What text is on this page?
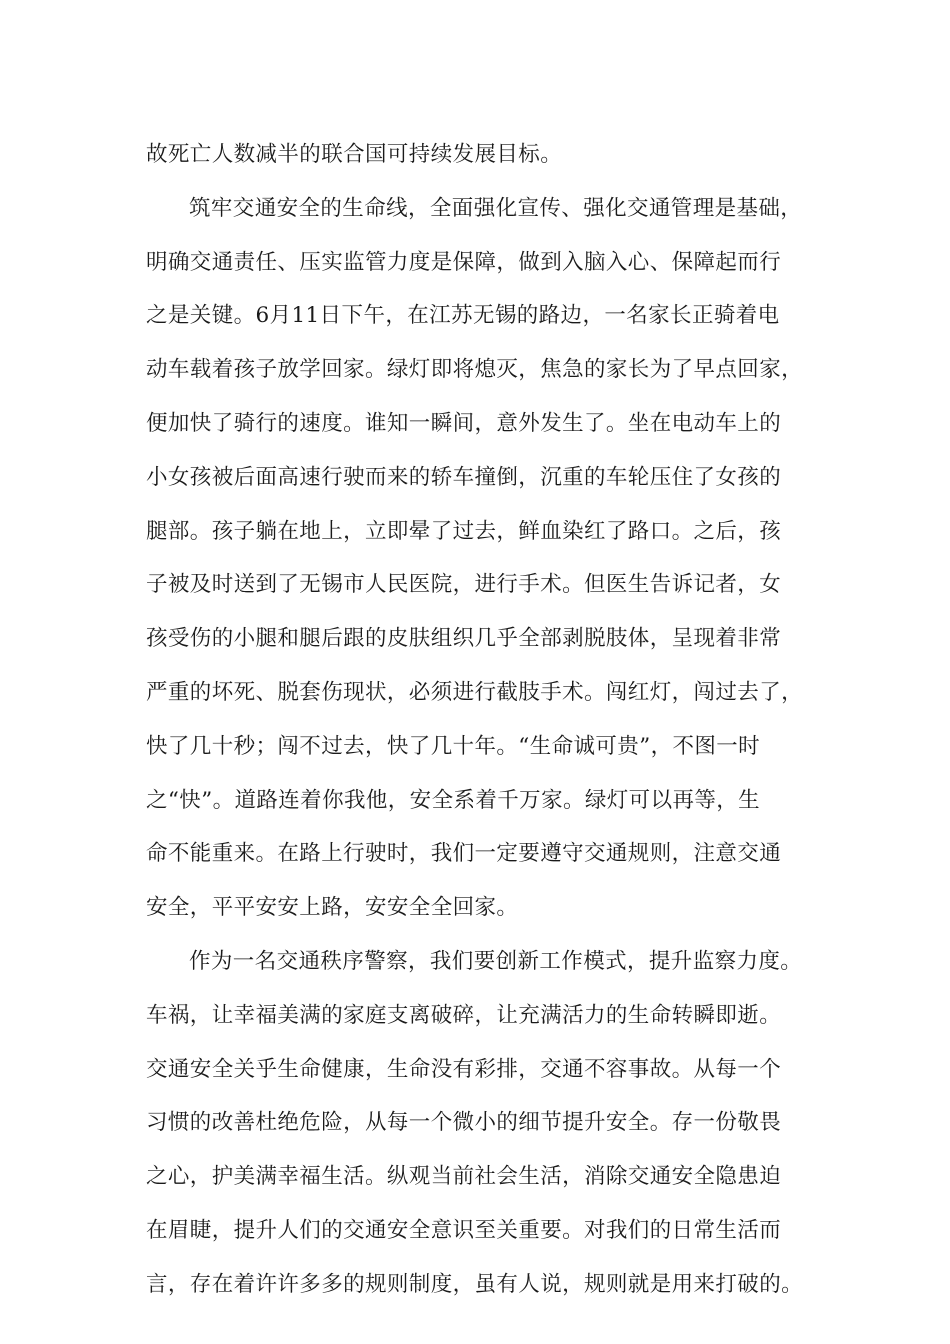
故死亡人数减半的联合国可持续发展目标。
筑牢交通安全的生命线，全面强化宣传、强化交通管理是基础，
明确交通责任、压实监管力度是保障，做到入脑入心、保障起而行
之是关键。6月11日下午，在江苏无锡的路边，一名家长正骑着电
动车载着孩子放学回家。绿灯即将熄灭，焦急的家长为了早点回家，
便加快了骑行的速度。谁知一瞬间，意外发生了。坐在电动车上的
小女孩被后面高速行驶而来的轿车撞倒，沉重的车轮压住了女孩的
腿部。孩子躺在地上，立即晕了过去，鲜血染红了路口。之后，孩
子被及时送到了无锡市人民医院，进行手术。但医生告诉记者，女
孩受伤的小腿和腿后跟的皮肤组织几乎全部剥脱肢体，呈现着非常
严重的坏死、脱套伤现状，必须进行截肢手术。闯红灯，闯过去了，
快了几十秒；闯不过去，快了几十年。“生命诚可贵”，不图一时
之“快”。道路连着你我他，安全系着千万家。绿灯可以再等，生
命不能重来。在路上行驶时，我们一定要遵守交通规则，注意交通
安全，平平安安上路，安安全全回家。
作为一名交通秩序警察，我们要创新工作模式，提升监察力度。
车祸，让幸福美满的家庭支离破碎，让充满活力的生命转瞬即逝。
交通安全关乎生命健康，生命没有彩排，交通不容事故。从每一个
习惯的改善杜绝危险，从每一个微小的细节提升安全。存一份敬畏
之心，护美满幸福生活。纵观当前社会生活，消除交通安全隐患迫
在眉睫，提升人们的交通安全意识至关重要。对我们的日常生活而
言，存在着许许多多的规则制度，虽有人说，规则就是用来打破的。
